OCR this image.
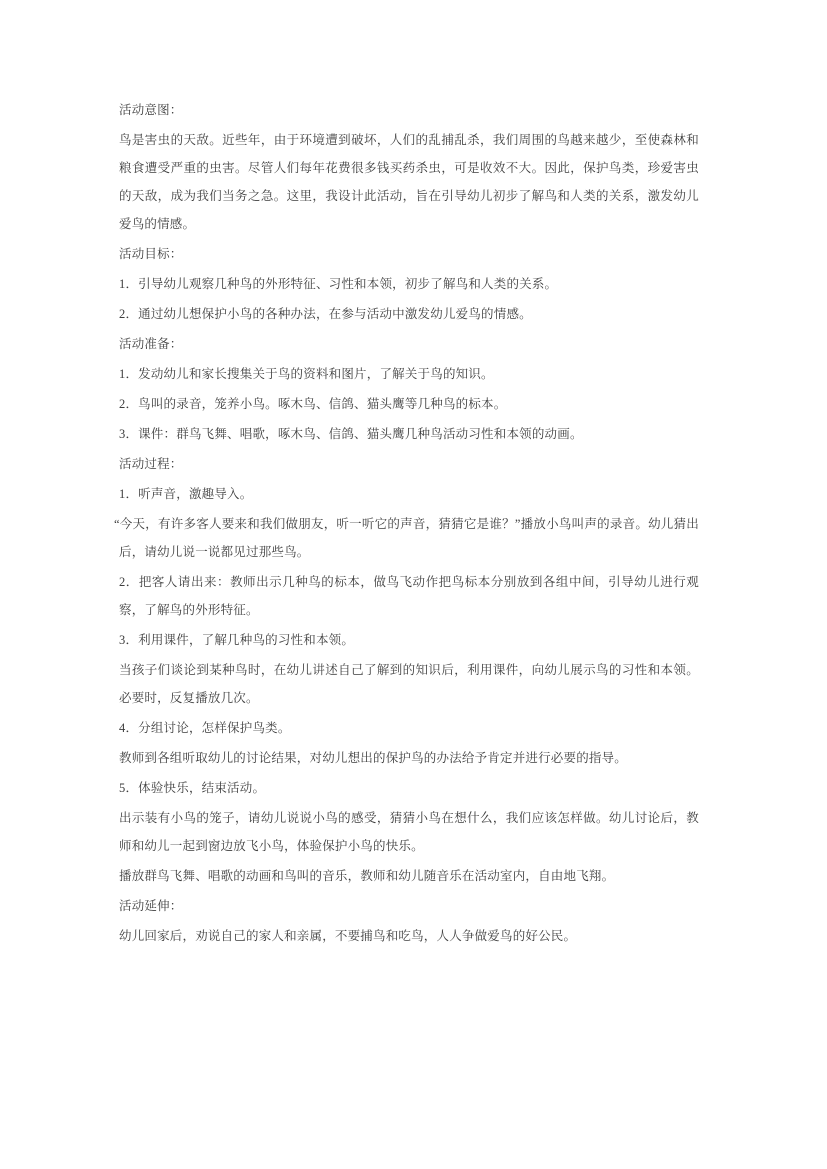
活动意图：

鸟是害虫的天敌。近些年，由于环境遭到破坏，人们的乱捕乱杀，我们周围的鸟越来越少，至使森林和粮食遭受严重的虫害。尽管人们每年花费很多钱买药杀虫，可是收效不大。因此，保护鸟类，珍爱害虫的天敌，成为我们当务之急。这里，我设计此活动，旨在引导幼儿初步了解鸟和人类的关系，激发幼儿爱鸟的情感。

活动目标：

1．引导幼儿观察几种鸟的外形特征、习性和本领，初步了解鸟和人类的关系。

2．通过幼儿想保护小鸟的各种办法，在参与活动中激发幼儿爱鸟的情感。

活动准备：

1．发动幼儿和家长搜集关于鸟的资料和图片，了解关于鸟的知识。

2．鸟叫的录音，笼养小鸟。啄木鸟、信鸽、猫头鹰等几种鸟的标本。

3．课件：群鸟飞舞、唱歌，啄木鸟、信鸽、猫头鹰几种鸟活动习性和本领的动画。

活动过程：

1．听声音，激趣导入。

“今天，有许多客人要来和我们做朋友，听一听它的声音，猜猜它是谁？”播放小鸟叫声的录音。幼儿猜出后，请幼儿说一说都见过那些鸟。

2．把客人请出来：教师出示几种鸟的标本，做鸟飞动作把鸟标本分别放到各组中间，引导幼儿进行观察，了解鸟的外形特征。

3．利用课件，了解几种鸟的习性和本领。

当孩子们谈论到某种鸟时，在幼儿讲述自己了解到的知识后，利用课件，向幼儿展示鸟的习性和本领。必要时，反复播放几次。

4．分组讨论，怎样保护鸟类。

教师到各组听取幼儿的讨论结果，对幼儿想出的保护鸟的办法给予肯定并进行必要的指导。

5．体验快乐，结束活动。

出示装有小鸟的笼子，请幼儿说说小鸟的感受，猜猜小鸟在想什么，我们应该怎样做。幼儿讨论后，教师和幼儿一起到窗边放飞小鸟，体验保护小鸟的快乐。

播放群鸟飞舞、唱歌的动画和鸟叫的音乐，教师和幼儿随音乐在活动室内，自由地飞翔。

活动延伸：

幼儿回家后，劝说自己的家人和亲属，不要捕鸟和吃鸟，人人争做爱鸟的好公民。
